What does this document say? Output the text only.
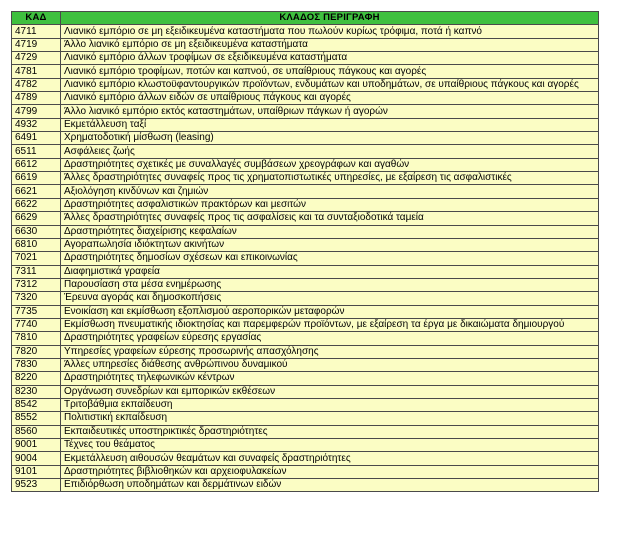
ΚΑΔ	ΚΛΑΔΟΣ ΠΕΡΙΓΡΑΦΗ
4711	Λιανικό εμπόριο σε μη εξειδικευμένα καταστήματα που πωλούν κυρίως τρόφιμα, ποτά ή καπνό
4719	Άλλο λιανικό εμπόριο σε μη εξειδικευμένα καταστήματα
4729	Λιανικό εμπόριο άλλων τροφίμων σε εξειδικευμένα καταστήματα
4781	Λιανικό εμπόριο τροφίμων, ποτών και καπνού, σε υπαίθριους πάγκους και αγορές
4782	Λιανικό εμπόριο κλωστοϋφαντουργικών προϊόντων, ενδυμάτων και υποδημάτων, σε υπαίθριους πάγκους και αγορές
4789	Λιανικό εμπόριο άλλων ειδών σε υπαίθριους πάγκους και αγορές
4799	Άλλο λιανικό εμπόριο εκτός καταστημάτων, υπαίθριων πάγκων ή αγορών
4932	Εκμετάλλευση ταξί
6491	Χρηματοδοτική μίσθωση (leasing)
6511	Ασφάλειες ζωής
6612	Δραστηριότητες σχετικές με συναλλαγές συμβάσεων χρεογράφων και αγαθών
6619	Άλλες δραστηριότητες συναφείς προς τις χρηματοπιστωτικές υπηρεσίες, με εξαίρεση τις ασφαλιστικές
6621	Αξιολόγηση κινδύνων και ζημιών
6622	Δραστηριότητες ασφαλιστικών πρακτόρων και μεσιτών
6629	Άλλες δραστηριότητες συναφείς προς τις ασφαλίσεις και τα συνταξιοδοτικά ταμεία
6630	Δραστηριότητες διαχείρισης κεφαλαίων
6810	Αγοραπωλησία ιδιόκτητων ακινήτων
7021	Δραστηριότητες δημοσίων σχέσεων και επικοινωνίας
7311	Διαφημιστικά γραφεία
7312	Παρουσίαση στα μέσα ενημέρωσης
7320	Έρευνα αγοράς και δημοσκοπήσεις
7735	Ενοικίαση και εκμίσθωση εξοπλισμού αεροπορικών μεταφορών
7740	Εκμίσθωση πνευματικής ιδιοκτησίας και παρεμφερών προϊόντων, με εξαίρεση τα έργα με δικαιώματα δημιουργού
7810	Δραστηριότητες γραφείων εύρεσης εργασίας
7820	Υπηρεσίες γραφείων εύρεσης προσωρινής απασχόλησης
7830	Άλλες υπηρεσίες διάθεσης ανθρώπινου δυναμικού
8220	Δραστηριότητες τηλεφωνικών κέντρων
8230	Οργάνωση συνεδρίων και εμπορικών εκθέσεων
8542	Τριτοβάθμια εκπαίδευση
8552	Πολιτιστική εκπαίδευση
8560	Εκπαιδευτικές υποστηρικτικές δραστηριότητες
9001	Τέχνες του θεάματος
9004	Εκμετάλλευση αιθουσών θεαμάτων και συναφείς δραστηριότητες
9101	Δραστηριότητες βιβλιοθηκών και αρχειοφυλακείων
9523	Επιδιόρθωση υποδημάτων και δερμάτινων ειδών
